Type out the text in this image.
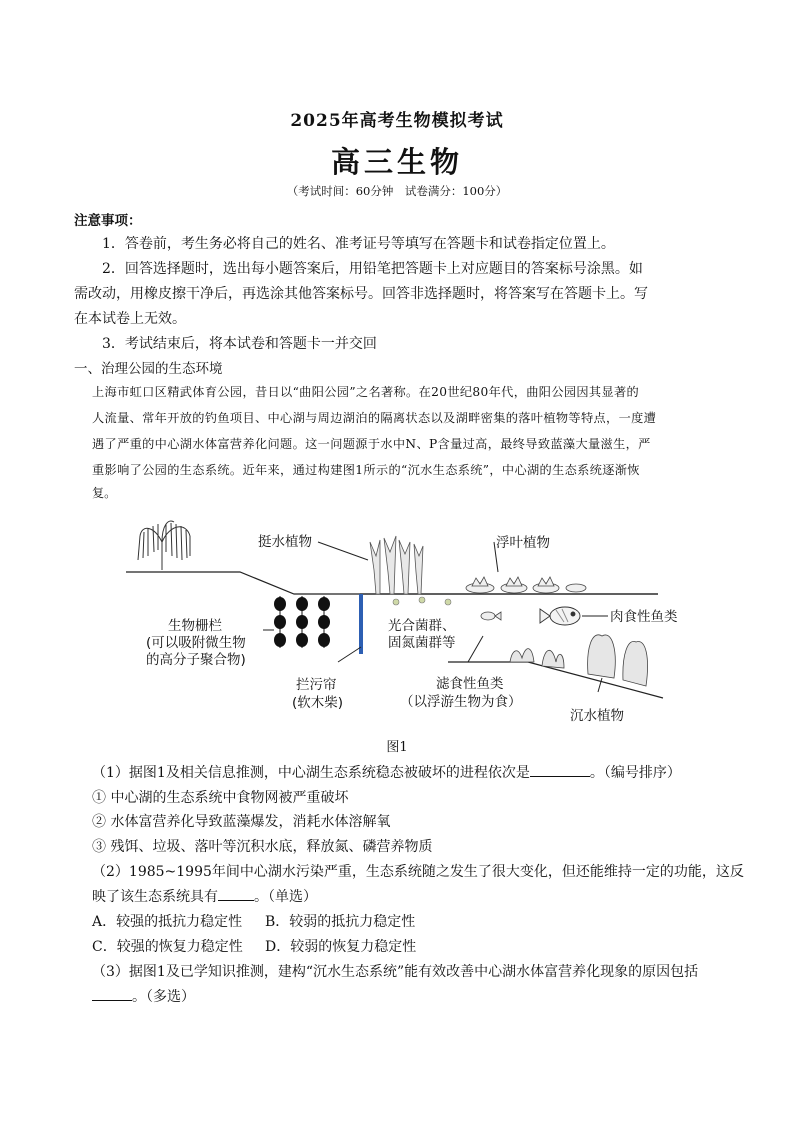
2025年高考生物模拟考试
高三生物
（考试时间：60分钟　试卷满分：100分）
注意事项：
1．答卷前，考生务必将自己的姓名、准考证号等填写在答题卡和试卷指定位置上。
2．回答选择题时，选出每小题答案后，用铅笔把答题卡上对应题目的答案标号涂黑。如
需改动，用橡皮擦干净后，再选涂其他答案标号。回答非选择题时，将答案写在答题卡上。写
在本试卷上无效。
3．考试结束后，将本试卷和答题卡一并交回
一、治理公园的生态环境
上海市虹口区精武体育公园，昔日以“曲阳公园”之名著称。在20世纪80年代，曲阳公园因其显著的
人流量、常年开放的钓鱼项目、中心湖与周边湖泊的隔离状态以及湖畔密集的落叶植物等特点，一度遭
遇了严重的中心湖水体富营养化问题。这一问题源于水中N、P含量过高，最终导致蓝藻大量滋生，严
重影响了公园的生态系统。近年来，通过构建图1所示的“沉水生态系统”，中心湖的生态系统逐渐恢
复。
挺水植物	浮叶植物
生物栅栏
(可以吸附微生物
的高分子聚合物)
光合菌群、
固氮菌群等
肉食性鱼类
拦污帘
(软木柴)
滤食性鱼类
（以浮游生物为食）
沉水植物
图1
（1）据图1及相关信息推测，中心湖生态系统稳态被破坏的进程依次是	。（编号排序）
① 中心湖的生态系统中食物网被严重破坏
② 水体富营养化导致蓝藻爆发，消耗水体溶解氧
③ 残饵、垃圾、落叶等沉积水底，释放氮、磷营养物质
（2）1985~1995年间中心湖水污染严重，生态系统随之发生了很大变化，但还能维持一定的功能，这反
映了该生态系统具有	。（单选）
A．较强的抵抗力稳定性 B．较弱的抵抗力稳定性
C．较强的恢复力稳定性 D．较弱的恢复力稳定性
（3）据图1及已学知识推测，建构“沉水生态系统”能有效改善中心湖水体富营养化现象的原因包括
。（多选）
